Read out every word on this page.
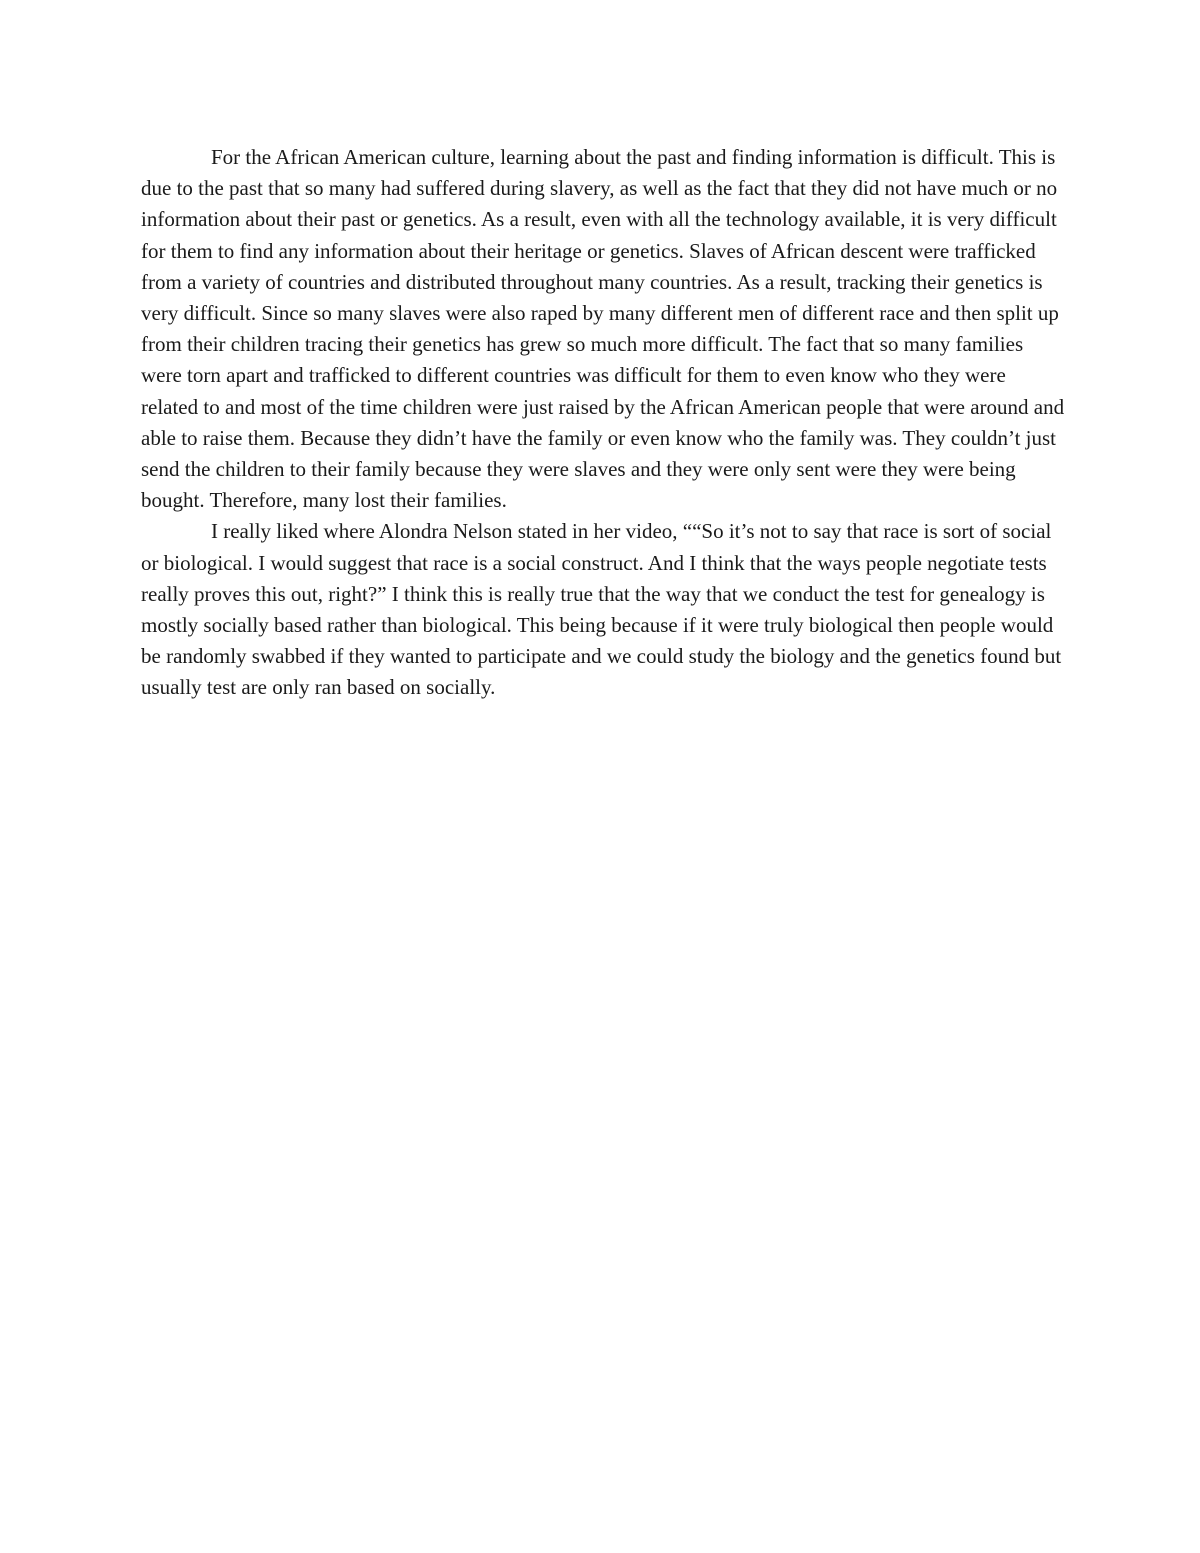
For the African American culture, learning about the past and finding information is difficult. This is due to the past that so many had suffered during slavery, as well as the fact that they did not have much or no information about their past or genetics. As a result, even with all the technology available, it is very difficult for them to find any information about their heritage or genetics. Slaves of African descent were trafficked from a variety of countries and distributed throughout many countries. As a result, tracking their genetics is very difficult. Since so many slaves were also raped by many different men of different race and then split up from their children tracing their genetics has grew so much more difficult. The fact that so many families were torn apart and trafficked to different countries was difficult for them to even know who they were related to and most of the time children were just raised by the African American people that were around and able to raise them. Because they didn’t have the family or even know who the family was. They couldn’t just send the children to their family because they were slaves and they were only sent were they were being bought. Therefore, many lost their families.

I really liked where Alondra Nelson stated in her video, ““So it’s not to say that race is sort of social or biological. I would suggest that race is a social construct. And I think that the ways people negotiate tests really proves this out, right?” I think this is really true that the way that we conduct the test for genealogy is mostly socially based rather than biological. This being because if it were truly biological then people would be randomly swabbed if they wanted to participate and we could study the biology and the genetics found but usually test are only ran based on socially.
